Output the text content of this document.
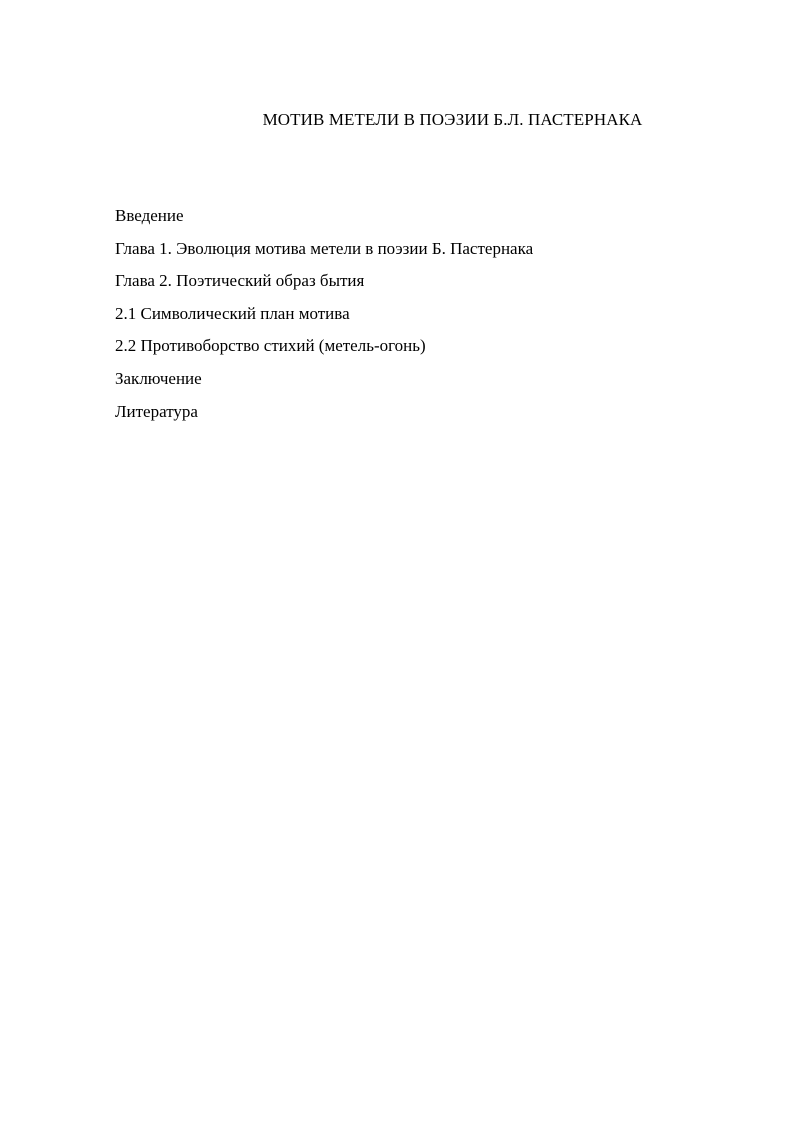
МОТИВ МЕТЕЛИ В ПОЭЗИИ Б.Л. ПАСТЕРНАКА
Введение
Глава 1. Эволюция мотива метели в поэзии Б. Пастернака
Глава 2. Поэтический образ бытия
2.1 Символический план мотива
2.2 Противоборство стихий (метель-огонь)
Заключение
Литература
